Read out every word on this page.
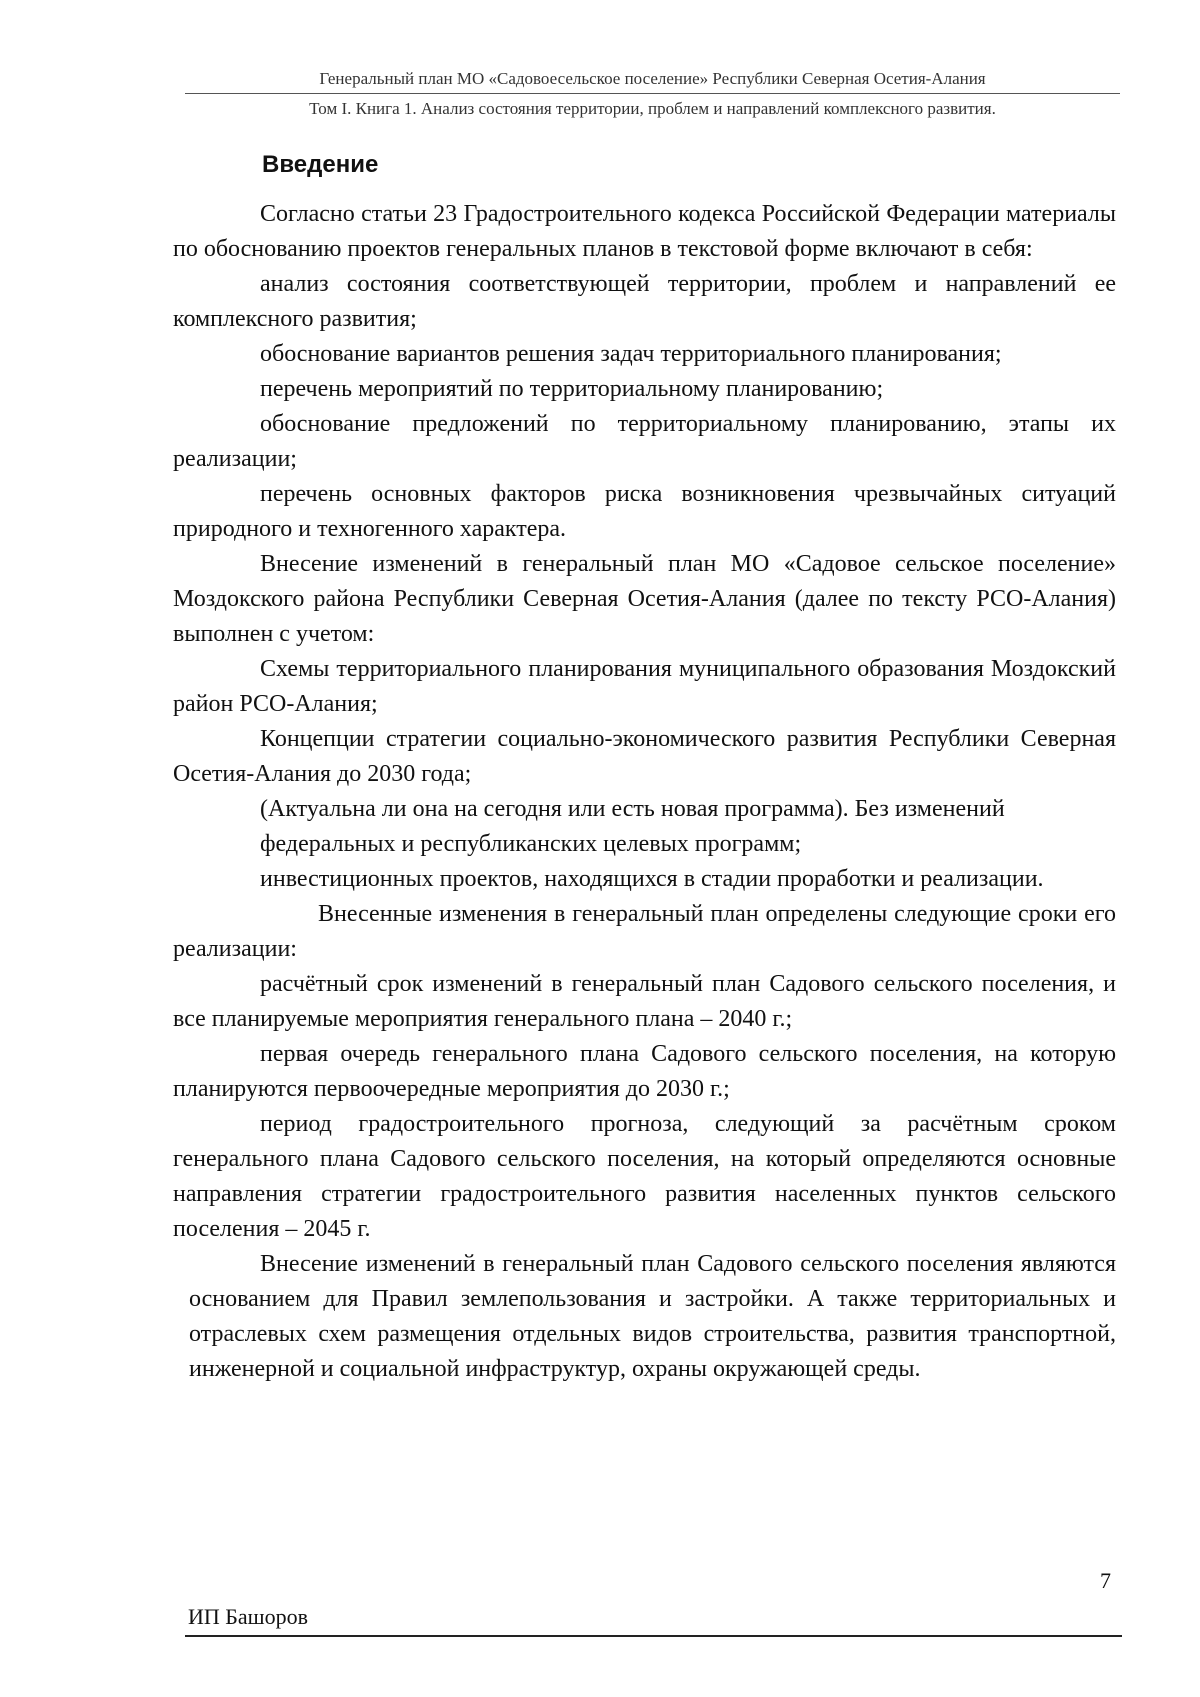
Генеральный план МО «Садовоесельское поселение» Республики Северная Осетия-Алания
Том I. Книга 1. Анализ состояния территории, проблем и направлений комплексного развития.
Введение

Согласно статьи 23 Градостроительного кодекса Российской Федерации материалы по обоснованию проектов генеральных планов в текстовой форме включают в себя:

анализ состояния соответствующей территории, проблем и направлений ее комплексного развития;

обоснование вариантов решения задач территориального планирования;

перечень мероприятий по территориальному планированию;

обоснование предложений по территориальному планированию, этапы их реализации;

перечень основных факторов риска возникновения чрезвычайных ситуаций природного и техногенного характера.

Внесение изменений в генеральный план МО «Садовое сельское поселение» Моздокского района Республики Северная Осетия-Алания (далее по тексту РСО-Алания) выполнен с учетом:

Схемы территориального планирования муниципального образования Моздокский район РСО-Алания;

Концепции стратегии социально-экономического развития Республики Северная Осетия-Алания до 2030 года;

(Актуальна ли она на сегодня или есть новая программа). Без изменений

федеральных и республиканских целевых программ;

инвестиционных проектов, находящихся в стадии проработки и реализации.

Внесенные изменения в генеральный план определены следующие сроки его реализации:

расчётный срок изменений в генеральный план Садового сельского поселения, и все планируемые мероприятия генерального плана – 2040 г.;

первая очередь генерального плана Садового сельского поселения, на которую планируются первоочередные мероприятия до 2030 г.;

период градостроительного прогноза, следующий за расчётным сроком генерального плана Садового сельского поселения, на который определяются основные направления стратегии градостроительного развития населенных пунктов сельского поселения – 2045 г.

Внесение изменений в генеральный план Садового сельского поселения являются основанием для Правил землепользования и застройки. А также территориальных и отраслевых схем размещения отдельных видов строительства, развития транспортной, инженерной и социальной инфраструктур, охраны окружающей среды.

7
ИП Башоров
